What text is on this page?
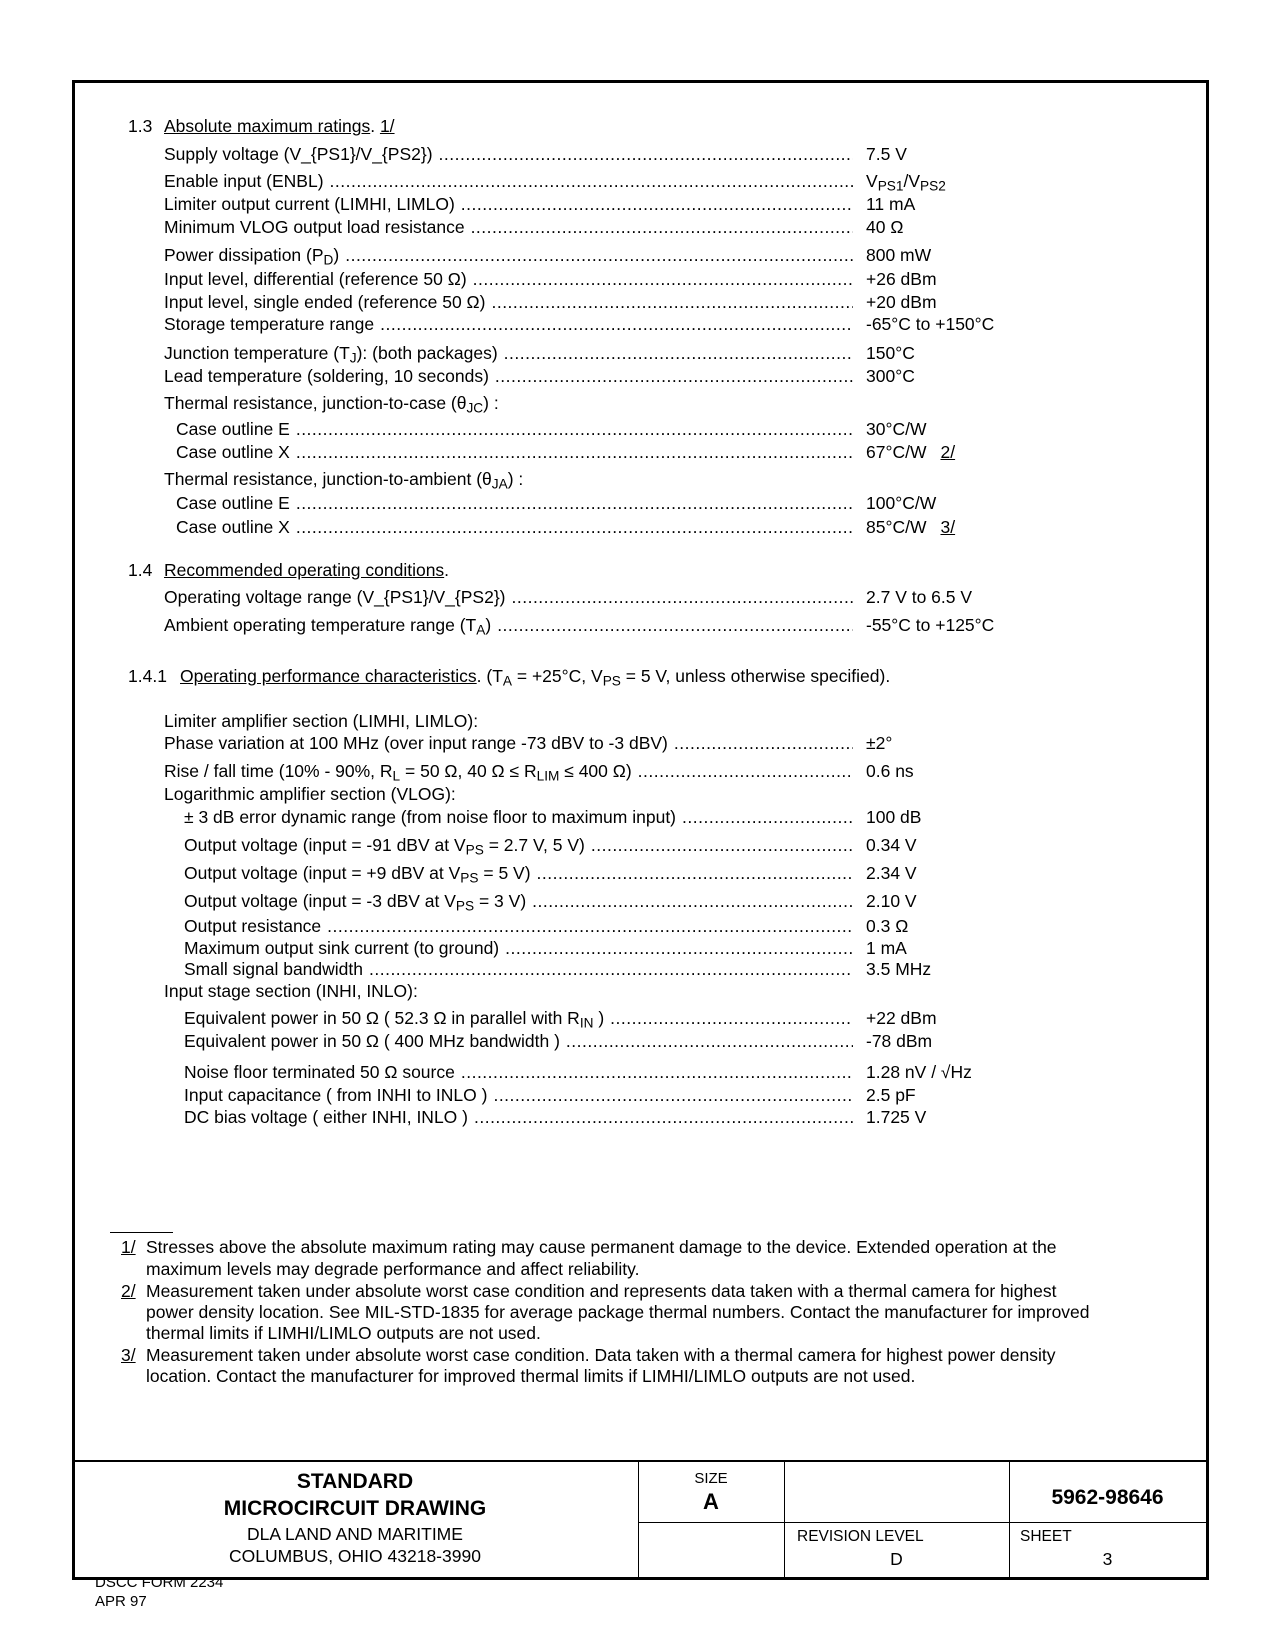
1.3 Absolute maximum ratings. 1/
Supply voltage (V_{PS1}/V_{PS2}) .....	7.5 V
Enable input (ENBL) .....	$V_{PS1}/V_{PS2}$
Limiter output current (LIMHI, LIMLO) .....	11 mA
Minimum VLOG output load resistance .....	40 Ω
Power dissipation $(P_D)$ .....	800 mW
Input level, differential (reference 50 Ω) .....	+26 dBm
Input level, single ended (reference 50 Ω) .....	+20 dBm
Storage temperature range .....	-65°C to +150°C
Junction temperature $(T_J)$: (both packages) .....	150°C
Lead temperature (soldering, 10 seconds) .....	300°C
Thermal resistance, junction-to-case $(\theta_{JC})$ :
Case outline E .....	30°C/W
Case outline X .....	67°C/W 2/
Thermal resistance, junction-to-ambient $(\theta_{JA})$ :
Case outline E .....	100°C/W
Case outline X .....	85°C/W 3/
1.4 Recommended operating conditions.
Operating voltage range (V_{PS1}/V_{PS2}) .....	2.7 V to 6.5 V
Ambient operating temperature range $(T_A)$ .....	-55°C to +125°C
1.4.1 Operating performance characteristics. ($T_A = +25^\circ C$, $V_{PS} = 5$ V, unless otherwise specified).
Limiter amplifier section (LIMHI, LIMLO):
Phase variation at 100 MHz (over input range -73 dBV to -3 dBV) .....	±2°
Rise / fall time (10% - 90%, $R_L = 50$ Ω, 40 $\Omega \le R_{LIM} \le 400$ Ω) .....	0.6 ns
Logarithmic amplifier section (VLOG):
± 3 dB error dynamic range (from noise floor to maximum input) .....	100 dB
Output voltage (input = -91 dBV at $V_{PS} = 2.7$ V, 5 V) .....	0.34 V
Output voltage (input = +9 dBV at $V_{PS} = 5$ V) .....	2.34 V
Output voltage (input = -3 dBV at $V_{PS} = 3$ V) .....	2.10 V
Output resistance .....	0.3 Ω
Maximum output sink current (to ground) .....	1 mA
Small signal bandwidth .....	3.5 MHz
Input stage section (INHI, INLO):
Equivalent power in 50 Ω ( 52.3 Ω in parallel with $R_{IN}$ ) .....	+22 dBm
Equivalent power in 50 Ω ( 400 MHz bandwidth ) .....	-78 dBm
Noise floor terminated 50 Ω source .....	1.28 nV / √Hz
Input capacitance ( from INHI to INLO ) .....	2.5 pF
DC bias voltage ( either INHI, INLO ) .....	1.725 V
1/ Stresses above the absolute maximum rating may cause permanent damage to the device. Extended operation at the
maximum levels may degrade performance and affect reliability.
2/ Measurement taken under absolute worst case condition and represents data taken with a thermal camera for highest
power density location. See MIL-STD-1835 for average package thermal numbers. Contact the manufacturer for improved
thermal limits if LIMHI/LIMLO outputs are not used.
3/ Measurement taken under absolute worst case condition. Data taken with a thermal camera for highest power density
location. Contact the manufacturer for improved thermal limits if LIMHI/LIMLO outputs are not used.
STANDARD
MICROCIRCUIT DRAWING
DLA LAND AND MARITIME
COLUMBUS, OHIO 43218-3990
SIZE
A	5962-98646
REVISION LEVEL
D
SHEET
3
DSCC FORM 2234
APR 97
